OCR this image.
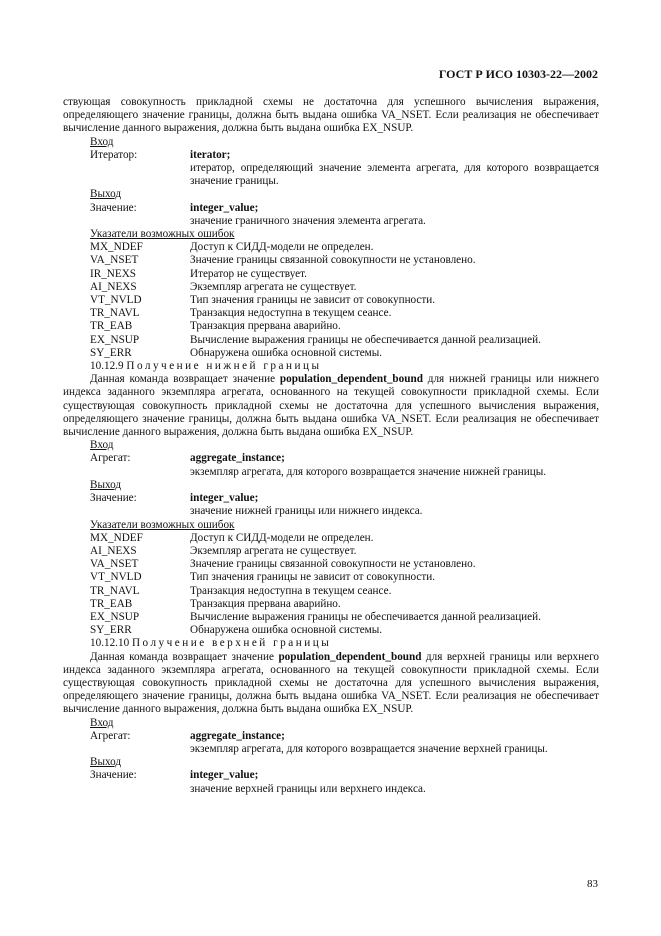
ГОСТ Р ИСО 10303-22—2002

ствующая совокупность прикладной схемы не достаточна для успешного вычисления выражения, определяющего значение границы, должна быть выдана ошибка VA_NSET. Если реализация не обеспечивает вычисление данного выражения, должна быть выдана ошибка EX_NSUP.

Вход
Итератор:	iterator;
итератор, определяющий значение элемента агрегата, для которого возвращается значение границы.
Выход
Значение:	integer_value;
значение граничного значения элемента агрегата.
Указатели возможных ошибок
MX_NDEF	Доступ к СИДД-модели не определен.
VA_NSET	Значение границы связанной совокупности не установлено.
IR_NEXS	Итератор не существует.
AI_NEXS	Экземпляр агрегата не существует.
VT_NVLD	Тип значения границы не зависит от совокупности.
TR_NAVL	Транзакция недоступна в текущем сеансе.
TR_EAB	Транзакция прервана аварийно.
EX_NSUP	Вычисление выражения границы не обеспечивается данной реализацией.
SY_ERR	Обнаружена ошибка основной системы.
10.12.9 Получение нижней границы

Данная команда возвращает значение population_dependent_bound для нижней границы или нижнего индекса заданного экземпляра агрегата, основанного на текущей совокупности прикладной схемы. Если существующая совокупность прикладной схемы не достаточна для успешного вычисления выражения, определяющего значение границы, должна быть выдана ошибка VA_NSET. Если реализация не обеспечивает вычисление данного выражения, должна быть выдана ошибка EX_NSUP.

Вход
Агрегат:	aggregate_instance;
экземпляр агрегата, для которого возвращается значение нижней границы.
Выход
Значение:	integer_value;
значение нижней границы или нижнего индекса.
Указатели возможных ошибок
MX_NDEF	Доступ к СИДД-модели не определен.
AI_NEXS	Экземпляр агрегата не существует.
VA_NSET	Значение границы связанной совокупности не установлено.
VT_NVLD	Тип значения границы не зависит от совокупности.
TR_NAVL	Транзакция недоступна в текущем сеансе.
TR_EAB	Транзакция прервана аварийно.
EX_NSUP	Вычисление выражения границы не обеспечивается данной реализацией.
SY_ERR	Обнаружена ошибка основной системы.
10.12.10 Получение верхней границы

Данная команда возвращает значение population_dependent_bound для верхней границы или верхнего индекса заданного экземпляра агрегата, основанного на текущей совокупности прикладной схемы. Если существующая совокупность прикладной схемы не достаточна для успешного вычисления выражения, определяющего значение границы, должна быть выдана ошибка VA_NSET. Если реализация не обеспечивает вычисление данного выражения, должна быть выдана ошибка EX_NSUP.

Вход
Агрегат:	aggregate_instance;
экземпляр агрегата, для которого возвращается значение верхней границы.
Выход
Значение:	integer_value;
значение верхней границы или верхнего индекса.
83
